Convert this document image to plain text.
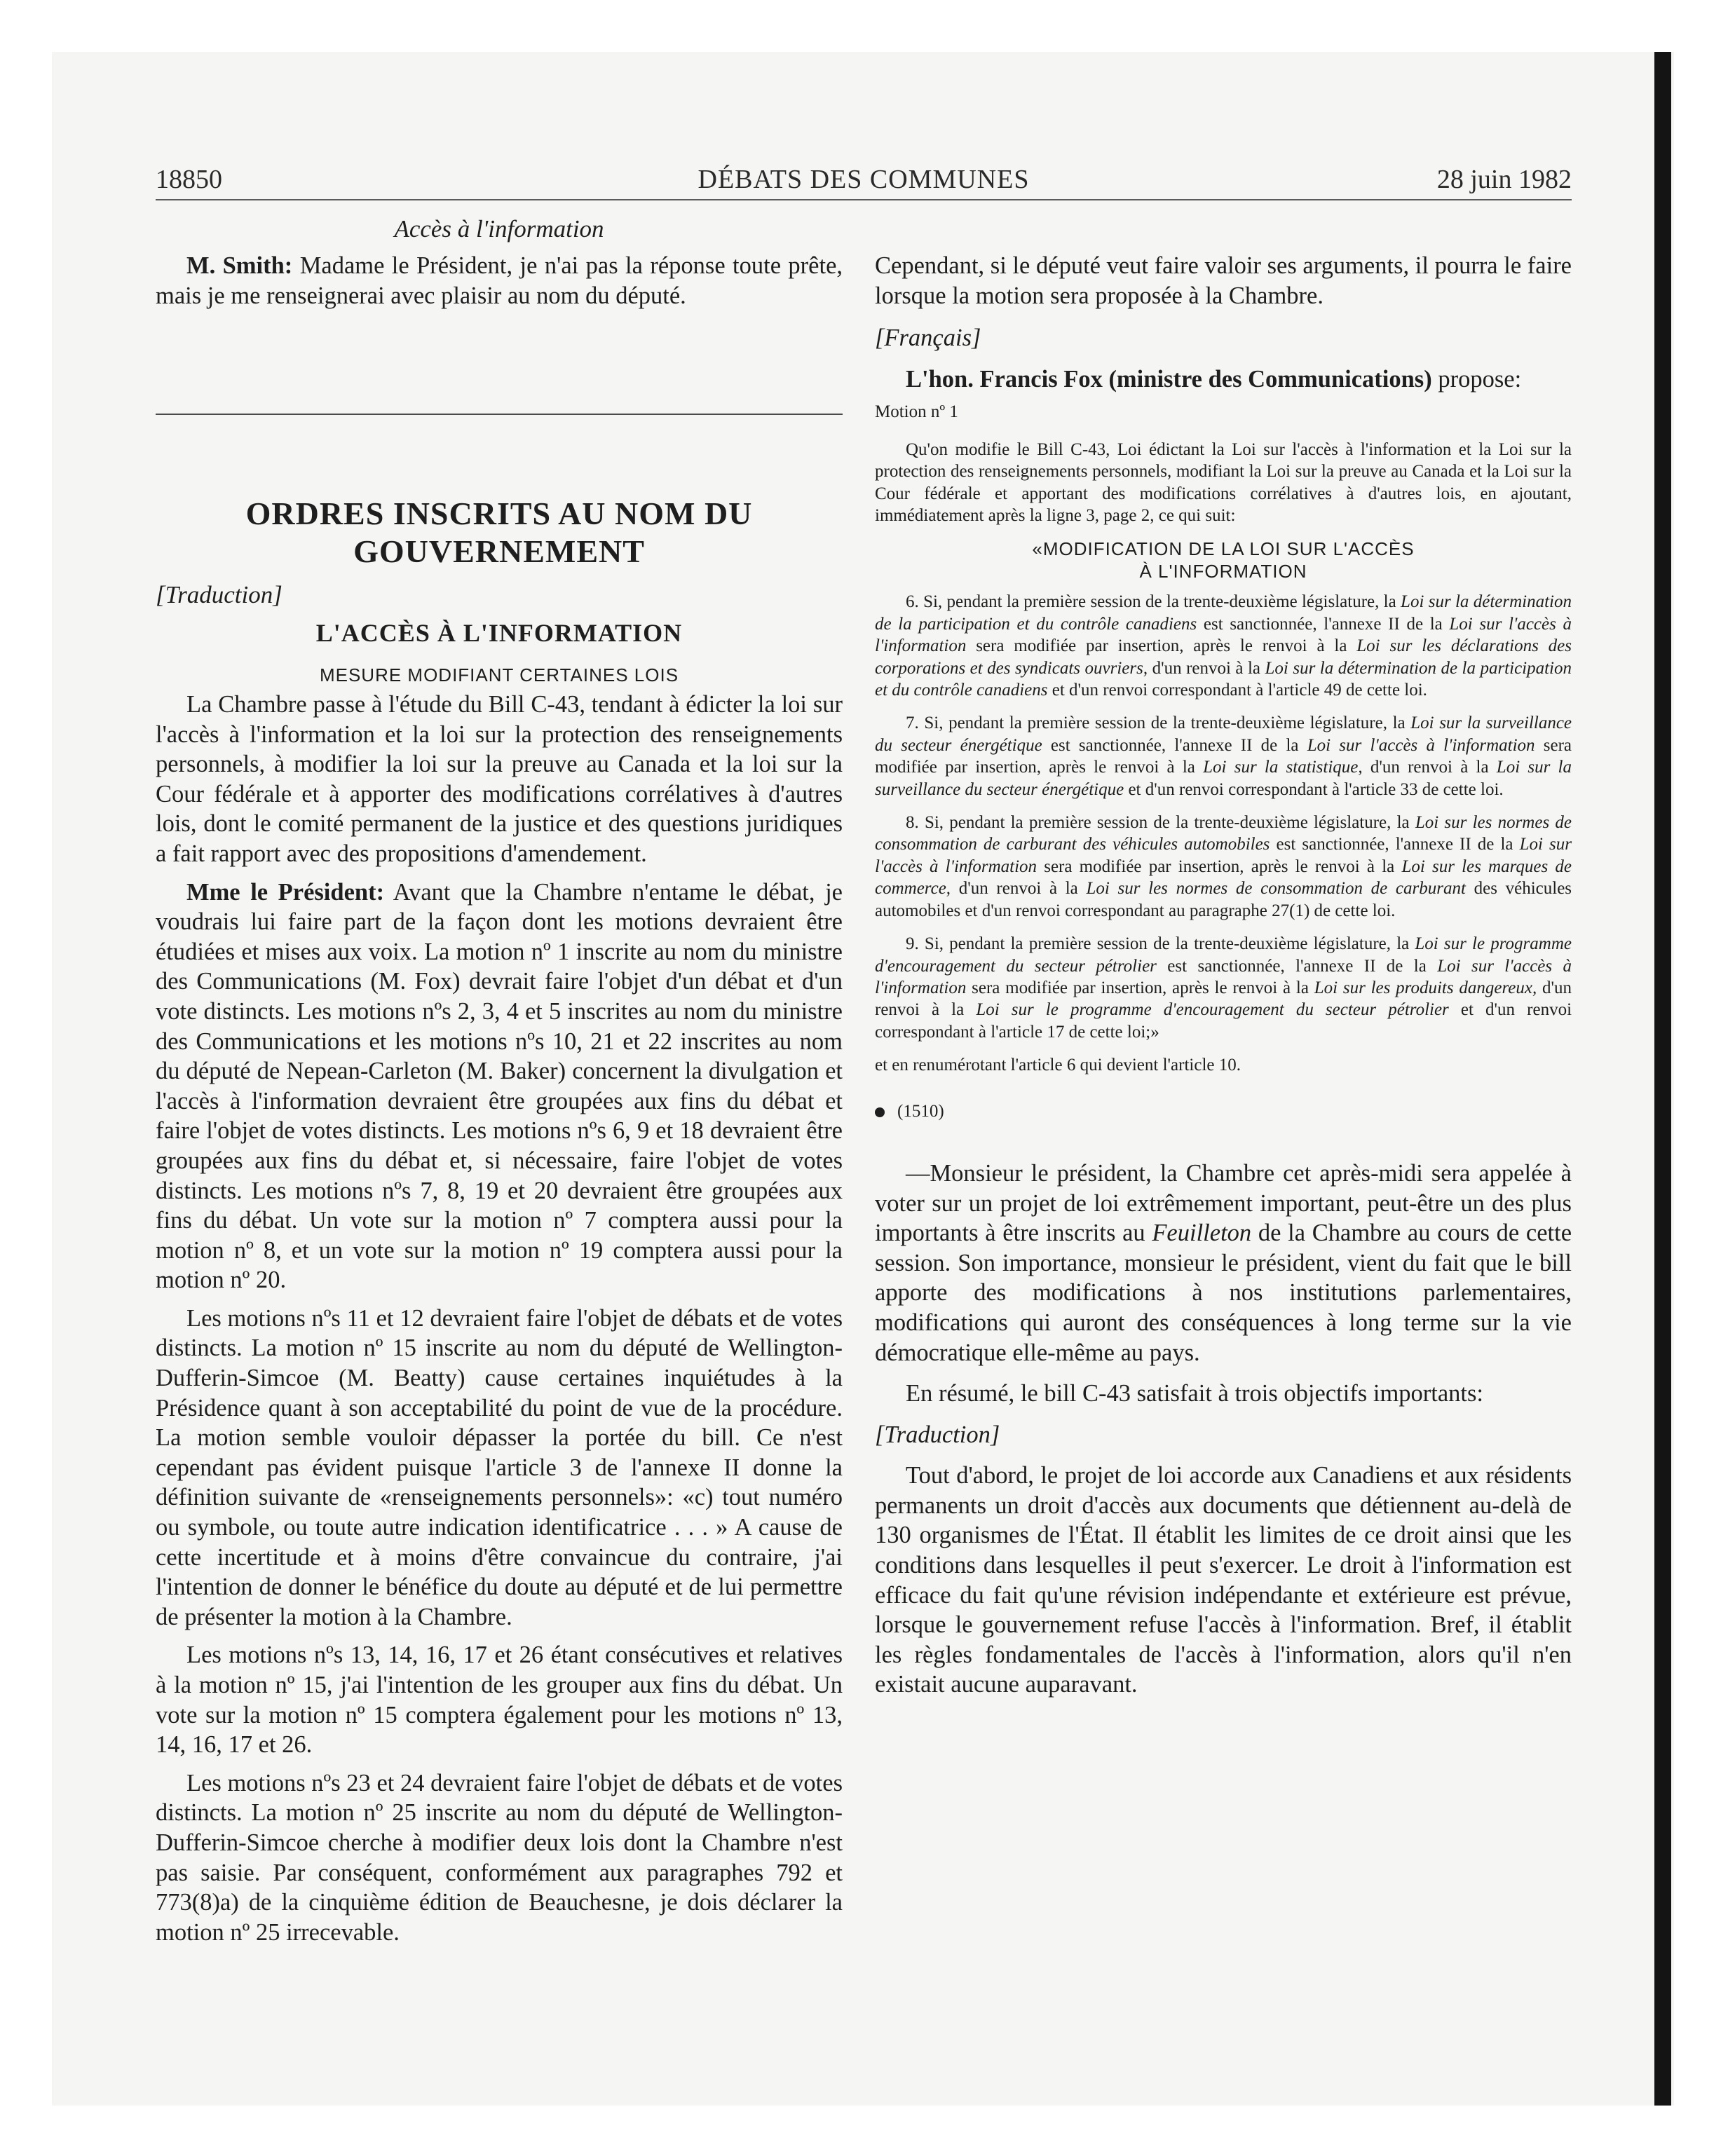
18850	DÉBATS DES COMMUNES	28 juin 1982

Accès à l'information

M. Smith: Madame le Président, je n'ai pas la réponse toute prête, mais je me renseignerai avec plaisir au nom du député.

ORDRES INSCRITS AU NOM DU
GOUVERNEMENT

[Traduction]

L'ACCÈS À L'INFORMATION

MESURE MODIFIANT CERTAINES LOIS

La Chambre passe à l'étude du Bill C-43, tendant à édicter la loi sur l'accès à l'information et la loi sur la protection des renseignements personnels, à modifier la loi sur la preuve au Canada et la loi sur la Cour fédérale et à apporter des modifications corrélatives à d'autres lois, dont le comité permanent de la justice et des questions juridiques a fait rapport avec des propositions d'amendement.

Mme le Président: Avant que la Chambre n'entame le débat, je voudrais lui faire part de la façon dont les motions devraient être étudiées et mises aux voix. La motion nº 1 inscrite au nom du ministre des Communications (M. Fox) devrait faire l'objet d'un débat et d'un vote distincts. Les motions nºs 2, 3, 4 et 5 inscrites au nom du ministre des Communications et les motions nºs 10, 21 et 22 inscrites au nom du député de Nepean-Carleton (M. Baker) concernent la divulgation et l'accès à l'information devraient être groupées aux fins du débat et faire l'objet de votes distincts. Les motions nºs 6, 9 et 18 devraient être groupées aux fins du débat et, si nécessaire, faire l'objet de votes distincts. Les motions nºs 7, 8, 19 et 20 devraient être groupées aux fins du débat. Un vote sur la motion nº 7 comptera aussi pour la motion nº 8, et un vote sur la motion nº 19 comptera aussi pour la motion nº 20.

Les motions nºs 11 et 12 devraient faire l'objet de débats et de votes distincts. La motion nº 15 inscrite au nom du député de Wellington-Dufferin-Simcoe (M. Beatty) cause certaines inquiétudes à la Présidence quant à son acceptabilité du point de vue de la procédure. La motion semble vouloir dépasser la portée du bill. Ce n'est cependant pas évident puisque l'article 3 de l'annexe II donne la définition suivante de «renseignements personnels»: «c) tout numéro ou symbole, ou toute autre indication identificatrice . . . » A cause de cette incertitude et à moins d'être convaincue du contraire, j'ai l'intention de donner le bénéfice du doute au député et de lui permettre de présenter la motion à la Chambre.

Les motions nºs 13, 14, 16, 17 et 26 étant consécutives et relatives à la motion nº 15, j'ai l'intention de les grouper aux fins du débat. Un vote sur la motion nº 15 comptera également pour les motions nº 13, 14, 16, 17 et 26.

Les motions nºs 23 et 24 devraient faire l'objet de débats et de votes distincts. La motion nº 25 inscrite au nom du député de Wellington-Dufferin-Simcoe cherche à modifier deux lois dont la Chambre n'est pas saisie. Par conséquent, conformément aux paragraphes 792 et 773(8)a) de la cinquième édition de Beauchesne, je dois déclarer la motion nº 25 irrecevable.

Cependant, si le député veut faire valoir ses arguments, il pourra le faire lorsque la motion sera proposée à la Chambre.

[Français]

L'hon. Francis Fox (ministre des Communications) propose:

Motion nº 1

Qu'on modifie le Bill C-43, Loi édictant la Loi sur l'accès à l'information et la Loi sur la protection des renseignements personnels, modifiant la Loi sur la preuve au Canada et la Loi sur la Cour fédérale et apportant des modifications corrélatives à d'autres lois, en ajoutant, immédiatement après la ligne 3, page 2, ce qui suit:

«MODIFICATION DE LA LOI SUR L'ACCÈS
À L'INFORMATION

6. Si, pendant la première session de la trente-deuxième législature, la Loi sur la détermination de la participation et du contrôle canadiens est sanctionnée, l'annexe II de la Loi sur l'accès à l'information sera modifiée par insertion, après le renvoi à la Loi sur les déclarations des corporations et des syndicats ouvriers, d'un renvoi à la Loi sur la détermination de la participation et du contrôle canadiens et d'un renvoi correspondant à l'article 49 de cette loi.

7. Si, pendant la première session de la trente-deuxième législature, la Loi sur la surveillance du secteur énergétique est sanctionnée, l'annexe II de la Loi sur l'accès à l'information sera modifiée par insertion, après le renvoi à la Loi sur la statistique, d'un renvoi à la Loi sur la surveillance du secteur énergétique et d'un renvoi correspondant à l'article 33 de cette loi.

8. Si, pendant la première session de la trente-deuxième législature, la Loi sur les normes de consommation de carburant des véhicules automobiles est sanctionnée, l'annexe II de la Loi sur l'accès à l'information sera modifiée par insertion, après le renvoi à la Loi sur les marques de commerce, d'un renvoi à la Loi sur les normes de consommation de carburant des véhicules automobiles et d'un renvoi correspondant au paragraphe 27(1) de cette loi.

9. Si, pendant la première session de la trente-deuxième législature, la Loi sur le programme d'encouragement du secteur pétrolier est sanctionnée, l'annexe II de la Loi sur l'accès à l'information sera modifiée par insertion, après le renvoi à la Loi sur les produits dangereux, d'un renvoi à la Loi sur le programme d'encouragement du secteur pétrolier et d'un renvoi correspondant à l'article 17 de cette loi;»

et en renumérotant l'article 6 qui devient l'article 10.

(1510)

—Monsieur le président, la Chambre cet après-midi sera appelée à voter sur un projet de loi extrêmement important, peut-être un des plus importants à être inscrits au Feuilleton de la Chambre au cours de cette session. Son importance, monsieur le président, vient du fait que le bill apporte des modifications à nos institutions parlementaires, modifications qui auront des conséquences à long terme sur la vie démocratique elle-même au pays.

En résumé, le bill C-43 satisfait à trois objectifs importants:

[Traduction]

Tout d'abord, le projet de loi accorde aux Canadiens et aux résidents permanents un droit d'accès aux documents que détiennent au-delà de 130 organismes de l'État. Il établit les limites de ce droit ainsi que les conditions dans lesquelles il peut s'exercer. Le droit à l'information est efficace du fait qu'une révision indépendante et extérieure est prévue, lorsque le gouvernement refuse l'accès à l'information. Bref, il établit les règles fondamentales de l'accès à l'information, alors qu'il n'en existait aucune auparavant.
